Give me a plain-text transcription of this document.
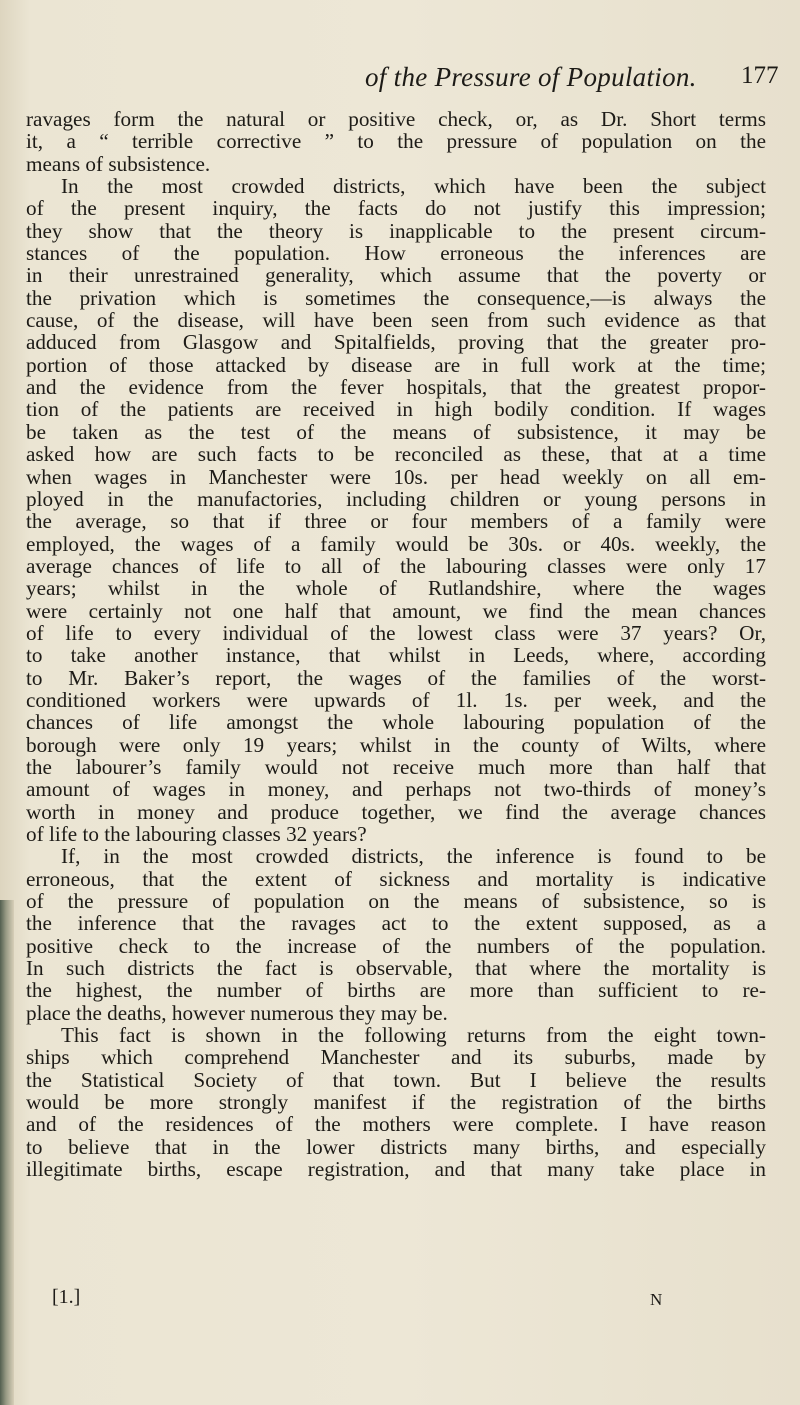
of the Pressure of Population. 177
ravages form the natural or positive check, or, as Dr. Short terms
it, a “ terrible corrective ” to the pressure of population on the
means of subsistence.
In the most crowded districts, which have been the subject
of the present inquiry, the facts do not justify this impression;
they show that the theory is inapplicable to the present circum-
stances of the population. How erroneous the inferences are
in their unrestrained generality, which assume that the poverty or
the privation which is sometimes the consequence,—is always the
cause, of the disease, will have been seen from such evidence as that
adduced from Glasgow and Spitalfields, proving that the greater pro-
portion of those attacked by disease are in full work at the time;
and the evidence from the fever hospitals, that the greatest propor-
tion of the patients are received in high bodily condition. If wages
be taken as the test of the means of subsistence, it may be
asked how are such facts to be reconciled as these, that at a time
when wages in Manchester were 10s. per head weekly on all em-
ployed in the manufactories, including children or young persons in
the average, so that if three or four members of a family were
employed, the wages of a family would be 30s. or 40s. weekly, the
average chances of life to all of the labouring classes were only 17
years; whilst in the whole of Rutlandshire, where the wages
were certainly not one half that amount, we find the mean chances
of life to every individual of the lowest class were 37 years? Or,
to take another instance, that whilst in Leeds, where, according
to Mr. Baker’s report, the wages of the families of the worst-
conditioned workers were upwards of 1l. 1s. per week, and the
chances of life amongst the whole labouring population of the
borough were only 19 years; whilst in the county of Wilts, where
the labourer’s family would not receive much more than half that
amount of wages in money, and perhaps not two-thirds of money’s
worth in money and produce together, we find the average chances
of life to the labouring classes 32 years?
If, in the most crowded districts, the inference is found to be
erroneous, that the extent of sickness and mortality is indicative
of the pressure of population on the means of subsistence, so is
the inference that the ravages act to the extent supposed, as a
positive check to the increase of the numbers of the population.
In such districts the fact is observable, that where the mortality is
the highest, the number of births are more than sufficient to re-
place the deaths, however numerous they may be.
This fact is shown in the following returns from the eight town-
ships which comprehend Manchester and its suburbs, made by
the Statistical Society of that town. But I believe the results
would be more strongly manifest if the registration of the births
and of the residences of the mothers were complete. I have reason
to believe that in the lower districts many births, and especially
illegitimate births, escape registration, and that many take place in
[1.]	N
